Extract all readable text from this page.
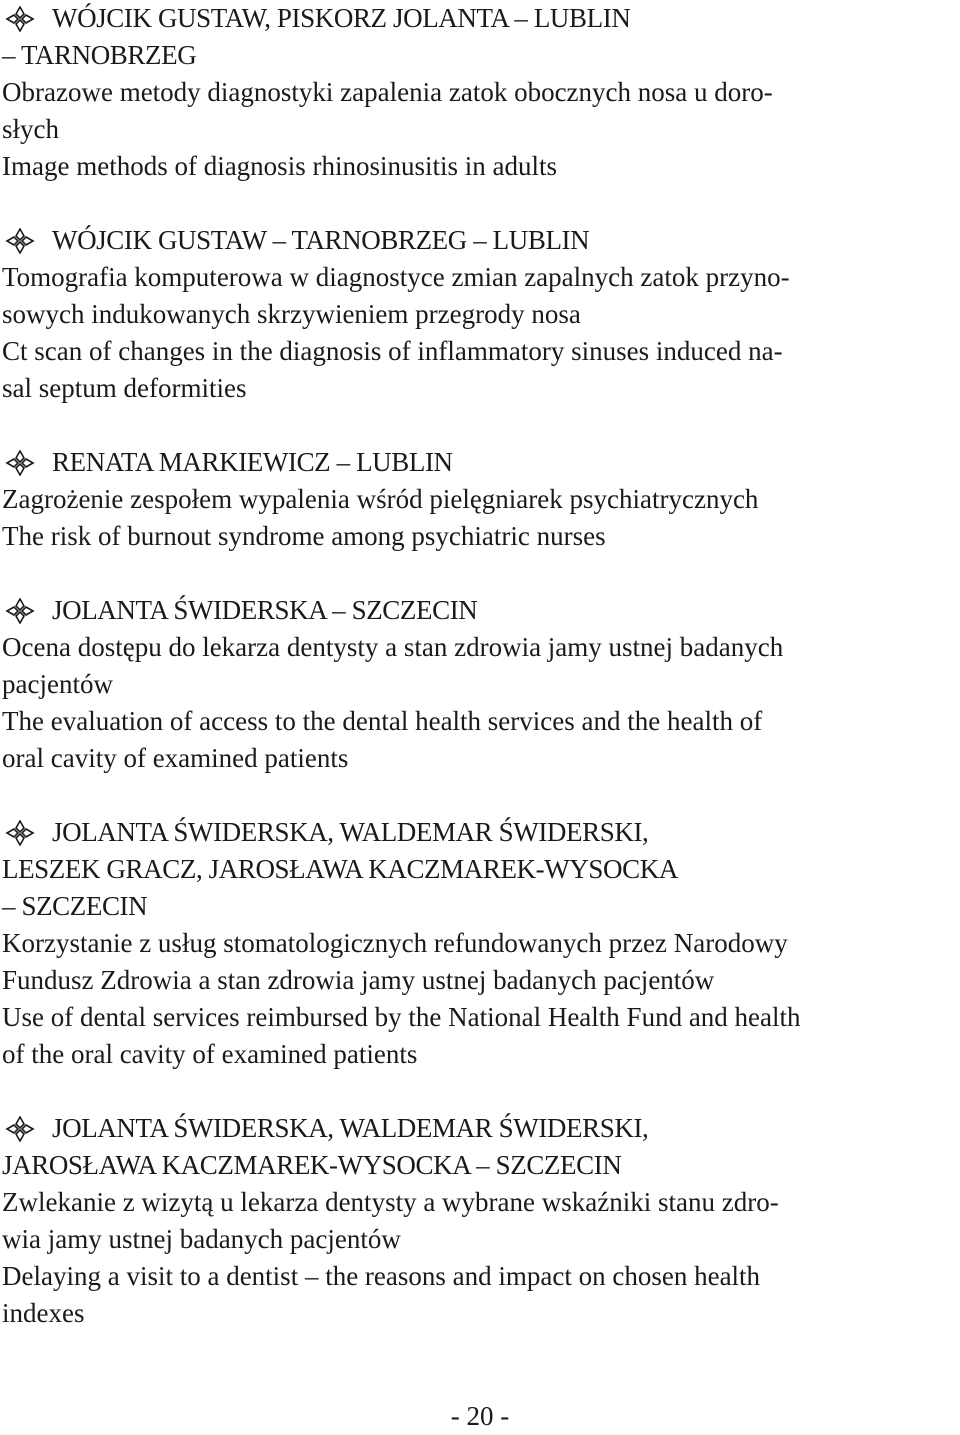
WÓJCIK GUSTAW, PISKORZ JOLANTA – LUBLIN
– TARNOBRZEG
Obrazowe metody diagnostyki zapalenia zatok obocznych nosa u doro-
słych
Image methods of diagnosis rhinosinusitis in adults
WÓJCIK GUSTAW – TARNOBRZEG – LUBLIN
Tomografia komputerowa w diagnostyce zmian zapalnych zatok przyno-
sowych indukowanych skrzywieniem przegrody nosa
Ct scan of changes in the diagnosis of inflammatory sinuses induced na-
sal septum deformities
RENATA MARKIEWICZ – LUBLIN
Zagrożenie zespołem wypalenia wśród pielęgniarek psychiatrycznych
The risk of burnout syndrome among psychiatric nurses
JOLANTA ŚWIDERSKA – SZCZECIN
Ocena dostępu do lekarza dentysty a stan zdrowia jamy ustnej badanych
pacjentów
The evaluation of access to the dental health services and the health of
oral cavity of examined patients
JOLANTA ŚWIDERSKA, WALDEMAR ŚWIDERSKI,
LESZEK GRACZ, JAROSŁAWA KACZMAREK-WYSOCKA
– SZCZECIN
Korzystanie z usług stomatologicznych refundowanych przez Narodowy
Fundusz Zdrowia a stan zdrowia jamy ustnej badanych pacjentów
Use of dental services reimbursed by the National Health Fund and health
of the oral cavity of examined patients
JOLANTA ŚWIDERSKA, WALDEMAR ŚWIDERSKI,
JAROSŁAWA KACZMAREK-WYSOCKA – SZCZECIN
Zwlekanie z wizytą u lekarza dentysty a wybrane wskaźniki stanu zdro-
wia jamy ustnej badanych pacjentów
Delaying a visit to a dentist – the reasons and impact on chosen health
indexes
- 20 -
